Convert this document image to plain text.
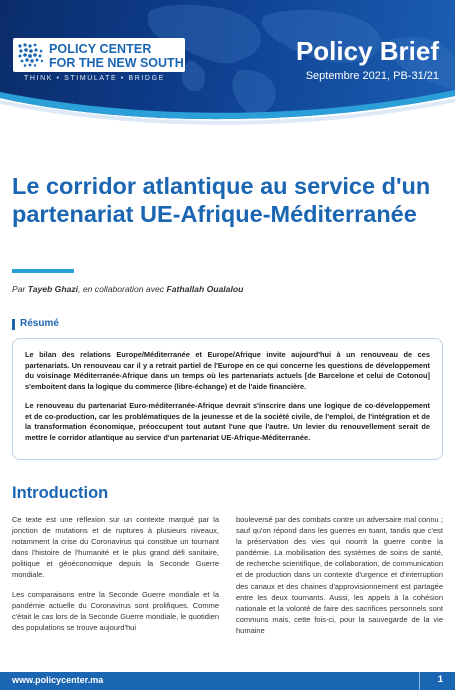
POLICY CENTER
FOR THE NEW SOUTH
THINK • STIMULATE • BRIDGE
Policy Brief
Septembre 2021, PB-31/21
Le corridor atlantique au service d'un partenariat UE-Afrique-Méditerranée
Par Tayeb Ghazi, en collaboration avec Fathallah Oualalou
Résumé

Le bilan des relations Europe/Méditerranée et Europe/Afrique invite aujourd'hui à un renouveau de ces partenariats. Un renouveau car il y a retrait partiel de l'Europe en ce qui concerne les questions de développement du voisinage Méditerranée-Afrique dans un temps où les partenariats actuels [de Barcelone et celui de Cotonou] s'emboitent dans la logique du commerce (libre-échange) et de l'aide financière.

Le renouveau du partenariat Euro-méditerranée-Afrique devrait s'inscrire dans une logique de co-développement et de co-production, car les problématiques de la jeunesse et de la société civile, de l'emploi, de l'intégration et de la transformation économique, préoccupent tout autant l'une que l'autre. Un levier du renouvellement serait de mettre le corridor atlantique au service d'un partenariat UE-Afrique-Méditerranée.

Introduction

Ce texte est une réflexion sur un contexte marqué par la jonction de mutations et de ruptures à plusieurs niveaux, notamment la crise du Coronavirus qui constitue un tournant dans l'histoire de l'humanité et le plus grand défi sanitaire, politique et géoéconomique depuis la Seconde Guerre mondiale.

Les comparaisons entre la Seconde Guerre mondiale et la pandémie actuelle du Coronavirus sont prolifiques. Comme c'était le cas lors de la Seconde Guerre mondiale, le quotidien des populations se trouve aujourd'hui

bouleversé par des combats contre un adversaire mal connu ; sauf qu'on répond dans les guerres en tuant, tandis que c'est la préservation des vies qui nourrit la guerre contre la pandémie. La mobilisation des systèmes de soins de santé, de recherche scientifique, de collaboration, de communication et de production dans un contexte d'urgence et d'interruption des canaux et des chaines d'approvisionnement est partagée entre les deux tournants. Aussi, les appels à la cohésion nationale et la volonté de faire des sacrifices personnels sont communs mais, cette fois-ci, pour la sauvegarde de la vie humaine

www.policycenter.ma	1
